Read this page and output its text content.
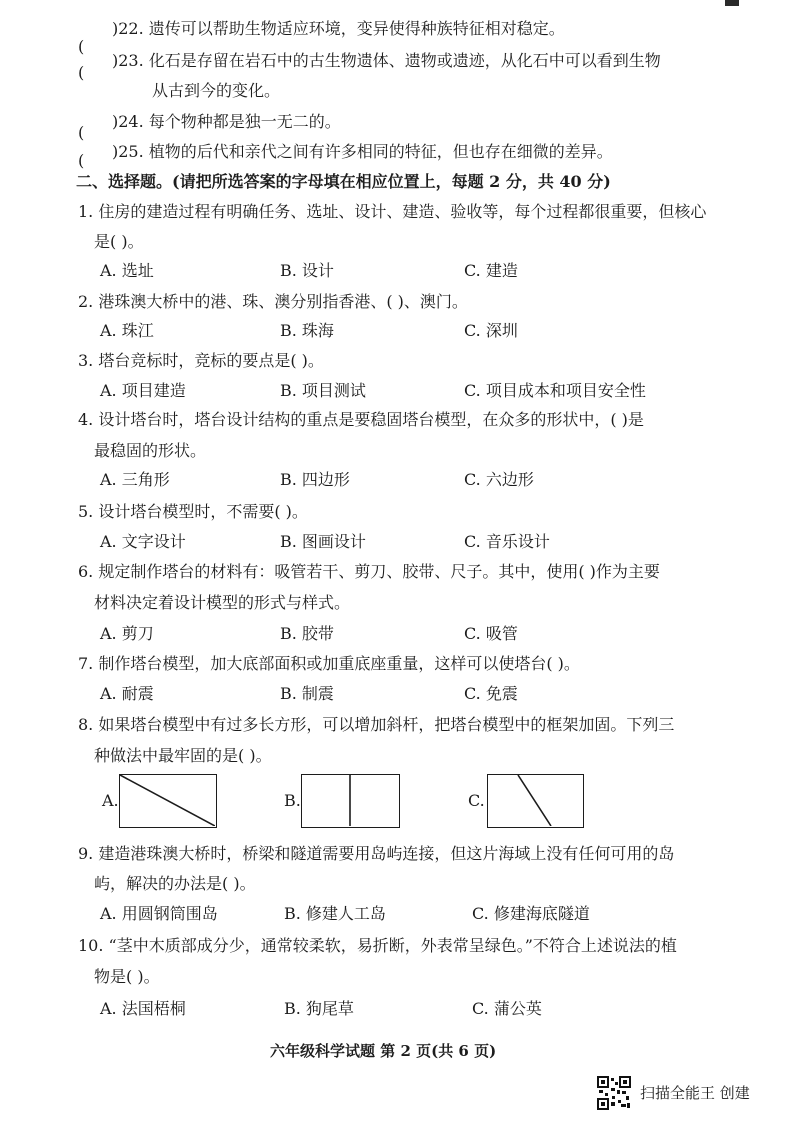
(
)22. 遗传可以帮助生物适应环境，变异使得种族特征相对稳定。
(
)23. 化石是存留在岩石中的古生物遗体、遗物或遗迹，从化石中可以看到生物
从古到今的变化。
(
)24. 每个物种都是独一无二的。
( )25. 植物的后代和亲代之间有许多相同的特征，但也存在细微的差异。
二、选择题。(请把所选答案的字母填在相应位置上，每题 2 分，共 40 分)
1. 住房的建造过程有明确任务、选址、设计、建造、验收等，每个过程都很重要，但核心
是( )。
A. 选址	B. 设计	C. 建造
2. 港珠澳大桥中的港、珠、澳分别指香港、( )、澳门。
A. 珠江	B. 珠海	C. 深圳
3. 塔台竞标时，竞标的要点是( )。
A. 项目建造	B. 项目测试	C. 项目成本和项目安全性
4. 设计塔台时，塔台设计结构的重点是要稳固塔台模型，在众多的形状中，( )是
最稳固的形状。
A. 三角形	B. 四边形	C. 六边形
5. 设计塔台模型时，不需要( )。
A. 文字设计	B. 图画设计	C. 音乐设计
6. 规定制作塔台的材料有：吸管若干、剪刀、胶带、尺子。其中，使用( )作为主要
材料决定着设计模型的形式与样式。
A. 剪刀	B. 胶带	C. 吸管
7. 制作塔台模型，加大底部面积或加重底座重量，这样可以使塔台( )。
A. 耐震	B. 制震	C. 免震
8. 如果塔台模型中有过多长方形，可以增加斜杆，把塔台模型中的框架加固。下列三
种做法中最牢固的是( )。
A.	B.	C.
9. 建造港珠澳大桥时，桥梁和隧道需要用岛屿连接，但这片海域上没有任何可用的岛
屿，解决的办法是( )。
A. 用圆钢筒围岛	B. 修建人工岛	C. 修建海底隧道
10. “茎中木质部成分少，通常较柔软，易折断，外表常呈绿色。”不符合上述说法的植
物是( )。
A. 法国梧桐	B. 狗尾草	C. 蒲公英
六年级科学试题 第 2 页(共 6 页)
扫描全能王 创建
